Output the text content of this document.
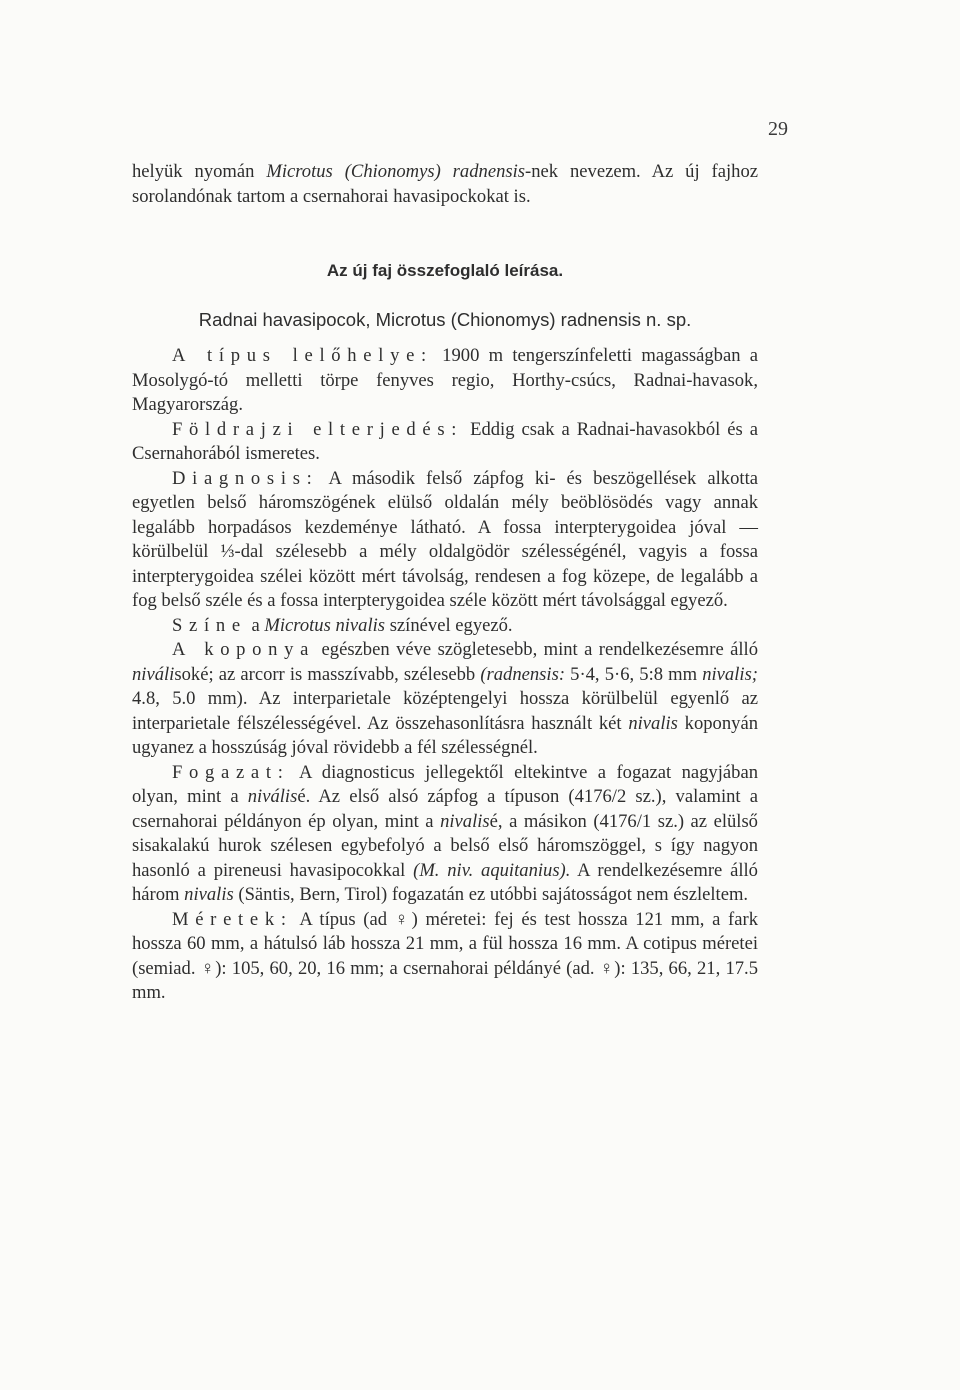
29

helyük nyomán Microtus (Chionomys) radnensis-nek nevezem. Az új fajhoz sorolandónak tartom a csernahorai havasipockokat is.

Az új faj összefoglaló leírása.

Radnai havasipocok, Microtus (Chionomys) radnensis n. sp.

A típus lelőhelye: 1900 m tengerszínfeletti magasságban a Mosolygó-tó melletti törpe fenyves regio, Horthy-csúcs, Radnai-havasok, Magyarország.

Földrajzi elterjedés: Eddig csak a Radnai-havasokból és a Csernahorából ismeretes.

Diagnosis: A második felső zápfog ki- és beszögellések alkotta egyetlen belső háromszögének elülső oldalán mély beöblösödés vagy annak legalább horpadásos kezdeménye látható. A fossa interpterygoidea jóval — körülbelül ⅓-dal szélesebb a mély oldalgödör szélességénél, vagyis a fossa interpterygoidea szélei között mért távolság, rendesen a fog közepe, de legalább a fog belső széle és a fossa interpterygoidea széle között mért távolsággal egyező.

Színe a Microtus nivalis színével egyező.

A koponya egészben véve szögletesebb, mint a rendelkezésemre álló niválisoké; az arcorr is masszívabb, szélesebb (radnensis: 5·4, 5·6, 5:8 mm nivalis; 4.8, 5.0 mm). Az interparietale középtengelyi hossza körülbelül egyenlő az interparietale félszélességével. Az összehasonlításra használt két nivalis koponyán ugyanez a hosszúság jóval rövidebb a fél szélességnél.

Fogazat: A diagnosticus jellegektől eltekintve a fogazat nagyjában olyan, mint a niválisé. Az első alsó zápfog a típuson (4176/2 sz.), valamint a csernahorai példányon ép olyan, mint a nivalisé, a másikon (4176/1 sz.) az elülső sisakalakú hurok szélesen egybefolyó a belső első háromszöggel, s így nagyon hasonló a pireneusi havasipocokkal (M. niv. aquitanius). A rendelkezésemre álló három nivalis (Säntis, Bern, Tirol) fogazatán ez utóbbi sajátosságot nem észleltem.

Méretek: A típus (ad ♀) méretei: fej és test hossza 121 mm, a fark hossza 60 mm, a hátulsó láb hossza 21 mm, a fül hossza 16 mm. A cotipus méretei (semiad. ♀): 105, 60, 20, 16 mm; a csernahorai példányé (ad. ♀): 135, 66, 21, 17.5 mm.
